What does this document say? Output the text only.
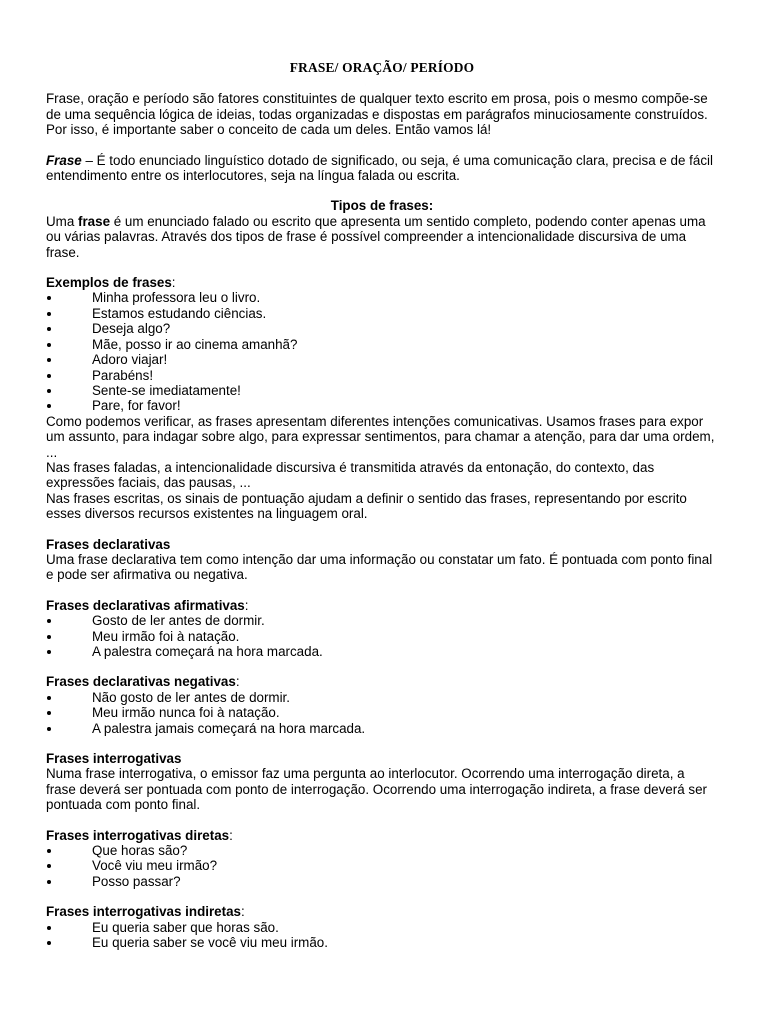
FRASE/ ORAÇÃO/ PERÍODO

Frase, oração e período são fatores constituintes de qualquer texto escrito em prosa, pois o mesmo compõe-se de uma sequência lógica de ideias, todas organizadas e dispostas em parágrafos minuciosamente construídos.

Por isso, é importante saber o conceito de cada um deles. Então vamos lá!

Frase – É todo enunciado linguístico dotado de significado, ou seja, é uma comunicação clara, precisa e de fácil entendimento entre os interlocutores, seja na língua falada ou escrita.

Tipos de frases:

Uma frase é um enunciado falado ou escrito que apresenta um sentido completo, podendo conter apenas uma ou várias palavras. Através dos tipos de frase é possível compreender a intencionalidade discursiva de uma frase.

Exemplos de frases:

Minha professora leu o livro.
Estamos estudando ciências.
Deseja algo?
Mãe, posso ir ao cinema amanhã?
Adoro viajar!
Parabéns!
Sente-se imediatamente!
Pare, for favor!

Como podemos verificar, as frases apresentam diferentes intenções comunicativas. Usamos frases para expor um assunto, para indagar sobre algo, para expressar sentimentos, para chamar a atenção, para dar uma ordem, ...

Nas frases faladas, a intencionalidade discursiva é transmitida através da entonação, do contexto, das expressões faciais, das pausas, ...

Nas frases escritas, os sinais de pontuação ajudam a definir o sentido das frases, representando por escrito esses diversos recursos existentes na linguagem oral.

Frases declarativas

Uma frase declarativa tem como intenção dar uma informação ou constatar um fato. É pontuada com ponto final e pode ser afirmativa ou negativa.

Frases declarativas afirmativas:

Gosto de ler antes de dormir.
Meu irmão foi à natação.
A palestra começará na hora marcada.

Frases declarativas negativas:

Não gosto de ler antes de dormir.
Meu irmão nunca foi à natação.
A palestra jamais começará na hora marcada.

Frases interrogativas

Numa frase interrogativa, o emissor faz uma pergunta ao interlocutor. Ocorrendo uma interrogação direta, a frase deverá ser pontuada com ponto de interrogação. Ocorrendo uma interrogação indireta, a frase deverá ser pontuada com ponto final.

Frases interrogativas diretas:

Que horas são?
Você viu meu irmão?
Posso passar?

Frases interrogativas indiretas:

Eu queria saber que horas são.
Eu queria saber se você viu meu irmão.
